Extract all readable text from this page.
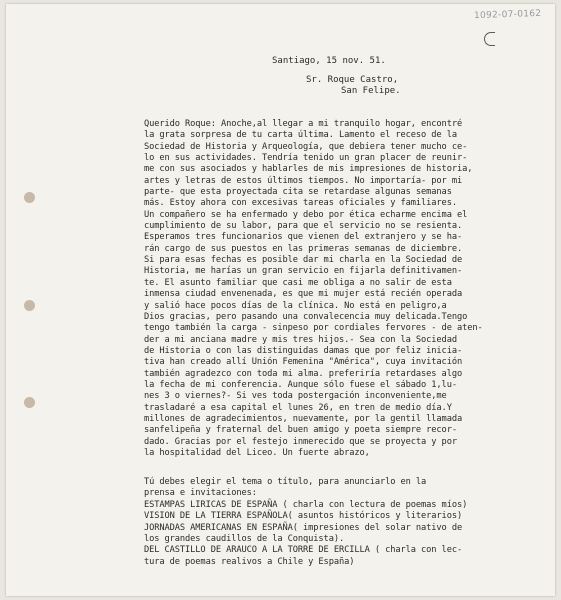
1092-07-0162
Santiago, 15 nov. 51.
Sr. Roque Castro,
San Felipe.
Querido Roque: Anoche,al llegar a mi tranquilo hogar, encontré
la grata sorpresa de tu carta última. Lamento el receso de la
Sociedad de Historia y Arqueología, que debiera tener mucho ce-
lo en sus actividades. Tendría tenido un gran placer de reunir-
me con sus asociados y hablarles de mis impresiones de historia,
artes y letras de estos últimos tiempos. No importaría- por mi
parte- que esta proyectada cita se retardase algunas semanas
más. Estoy ahora con excesivas tareas oficiales y familiares.
Un compañero se ha enfermado y debo por ética echarme encima el
cumplimiento de su labor, para que el servicio no se resienta.
Esperamos tres funcionarios que vienen del extranjero y se ha-
rán cargo de sus puestos en las primeras semanas de diciembre.
Si para esas fechas es posible dar mi charla en la Sociedad de
Historia, me harías un gran servicio en fijarla definitivamen-
te. El asunto familiar que casi me obliga a no salir de esta
inmensa ciudad envenenada, es que mi mujer está recién operada
y salió hace pocos días de la clínica. No está en peligro,a
Dios gracias, pero pasando una convalecencia muy delicada.Tengo
tengo también la carga - sinpeso por cordiales fervores - de aten-
der a mi anciana madre y mis tres hijos.- Sea con la Sociedad
de Historia o con las distinguidas damas que por feliz inicia-
tiva han creado allí Unión Femenina "América", cuya invitación
también agradezco con toda mi alma. preferiría retardases algo
la fecha de mi conferencia. Aunque sólo fuese el sábado 1,lu-
nes 3 o viernes?- Si ves toda postergación inconveniente,me
trasladaré a esa capital el lunes 26, en tren de medio día.Y
millones de agradecimientos, nuevamente, por la gentil llamada
sanfelipeña y fraternal del buen amigo y poeta siempre recor-
dado. Gracias por el festejo inmerecido que se proyecta y por
la hospitalidad del Liceo. Un fuerte abrazo,
Tú debes elegir el tema o título, para anunciarlo en la
prensa e invitaciones:
ESTAMPAS LIRICAS DE ESPAÑA ( charla con lectura de poemas míos)
VISION DE LA TIERRA ESPAÑOLA( asuntos históricos y literarios)
JORNADAS AMERICANAS EN ESPAÑA( impresiones del solar nativo de
los grandes caudillos de la Conquista).
DEL CASTILLO DE ARAUCO A LA TORRE DE ERCILLA ( charla con lec-
tura de poemas realivos a Chile y España)
